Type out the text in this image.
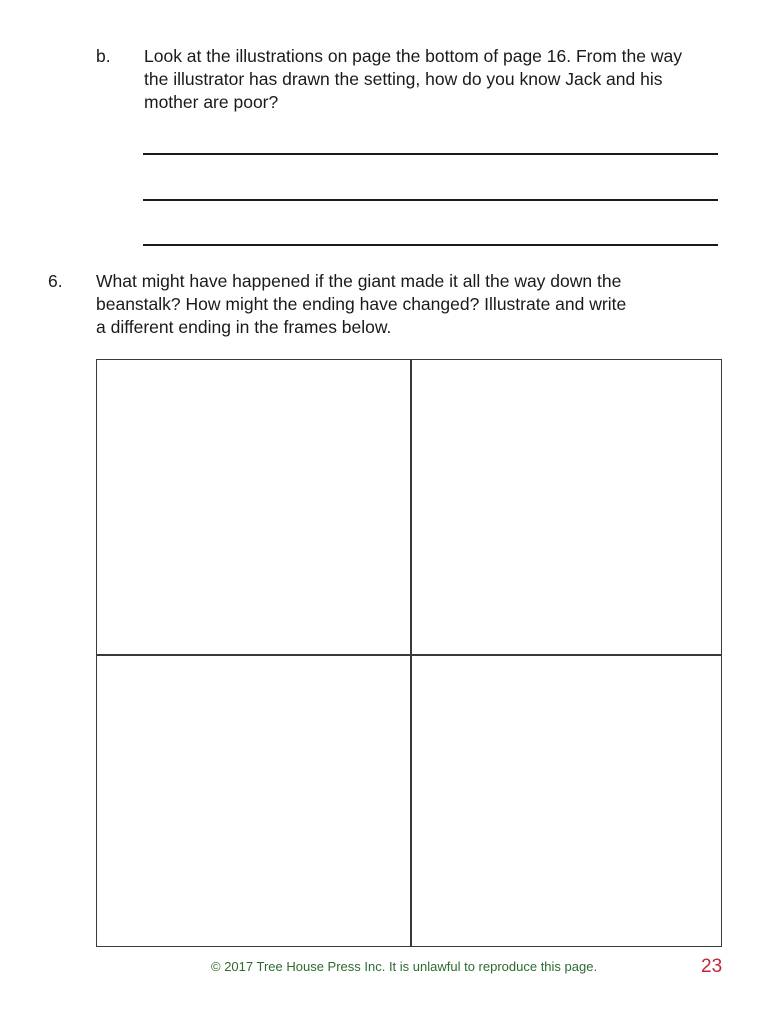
b. Look at the illustrations on page the bottom of page 16. From the way
the illustrator has drawn the setting, how do you know Jack and his
mother are poor?
6. What might have happened if the giant made it all the way down the
beanstalk? How might the ending have changed? Illustrate and write
a different ending in the frames below.
© 2017 Tree House Press Inc. It is unlawful to reproduce this page.	23
